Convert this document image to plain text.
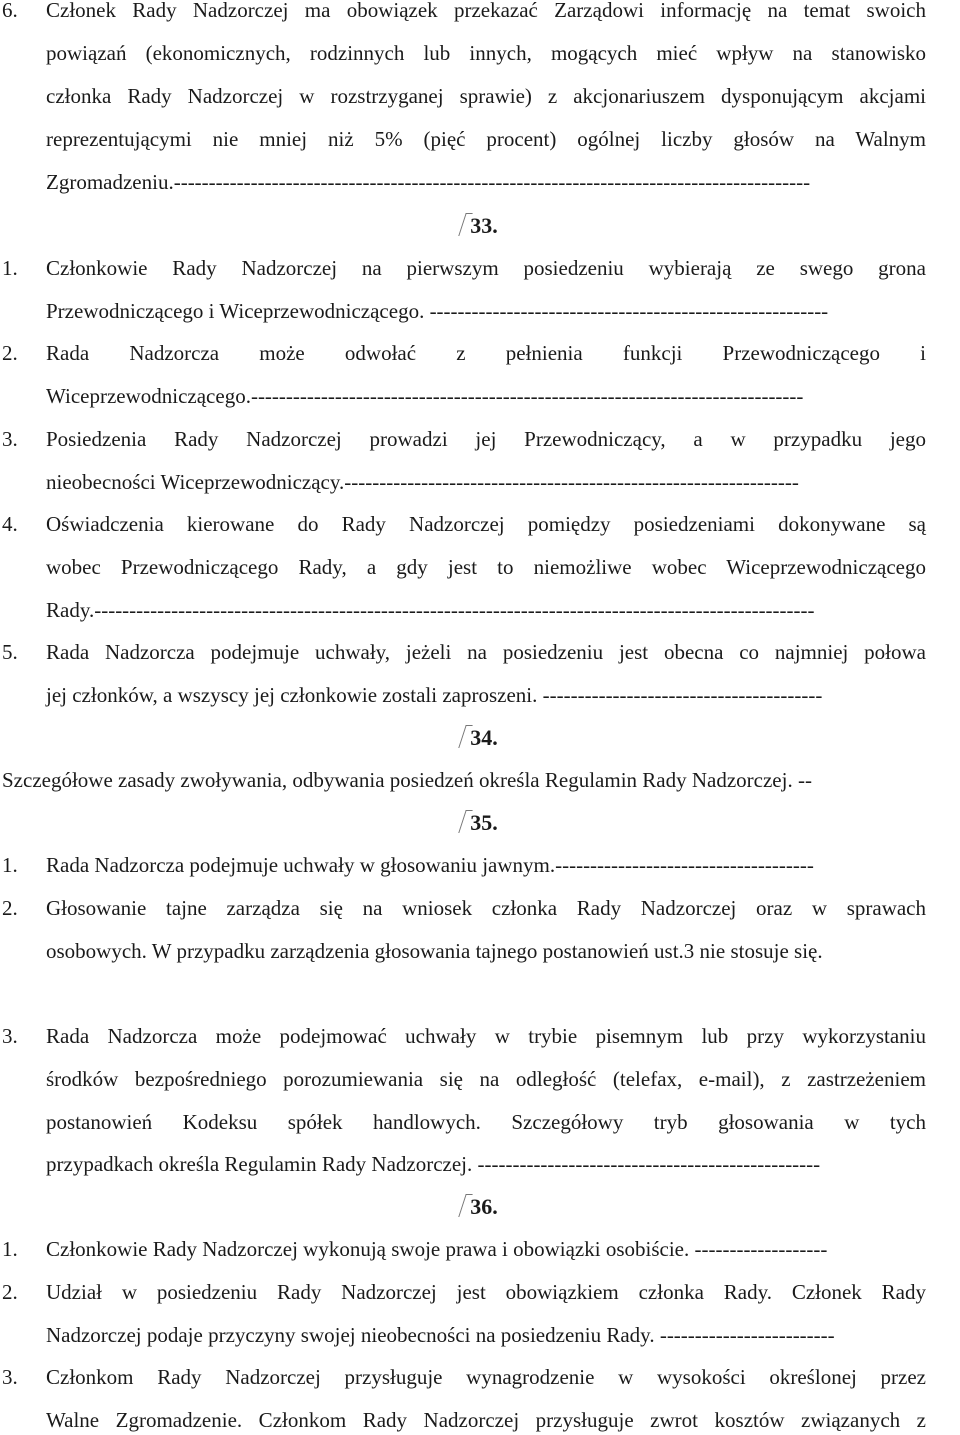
6. Członek Rady Nadzorczej ma obowiązek przekazać Zarządowi informację na temat swoich
powiązań (ekonomicznych, rodzinnych lub innych, mogących mieć wpływ na stanowisko
członka Rady Nadzorczej w rozstrzyganej sprawie) z akcjonariuszem dysponującym akcjami
reprezentującymi nie mniej niż 5% (pięć procent) ogólnej liczby głosów na Walnym
Zgromadzeniu.-------------------------------------------------------------------------------------------
33.
1. Członkowie Rady Nadzorczej na pierwszym posiedzeniu wybierają ze swego grona
Przewodniczącego i Wiceprzewodniczącego. ---------------------------------------------------------
2. Rada Nadzorcza może odwołać z pełnienia funkcji Przewodniczącego i
Wiceprzewodniczącego.-------------------------------------------------------------------------------
3. Posiedzenia Rady Nadzorczej prowadzi jej Przewodniczący, a w przypadku jego
nieobecności Wiceprzewodniczący.-----------------------------------------------------------------
4. Oświadczenia kierowane do Rady Nadzorczej pomiędzy posiedzeniami dokonywane są
wobec Przewodniczącego Rady, a gdy jest to niemożliwe wobec Wiceprzewodniczącego
Rady.-------------------------------------------------------------------------------------------------------
5. Rada Nadzorcza podejmuje uchwały, jeżeli na posiedzeniu jest obecna co najmniej połowa
jej członków, a wszyscy jej członkowie zostali zaproszeni. ----------------------------------------
34.
Szczegółowe zasady zwoływania, odbywania posiedzeń określa Regulamin Rady Nadzorczej. --
35.
1. Rada Nadzorcza podejmuje uchwały w głosowaniu jawnym.-------------------------------------
2. Głosowanie tajne zarządza się na wniosek członka Rady Nadzorczej oraz w sprawach
osobowych. W przypadku zarządzenia głosowania tajnego postanowień ust.3 nie stosuje się.
3. Rada Nadzorcza może podejmować uchwały w trybie pisemnym lub przy wykorzystaniu
środków bezpośredniego porozumiewania się na odległość (telefax, e-mail), z zastrzeżeniem
postanowień Kodeksu spółek handlowych. Szczegółowy tryb głosowania w tych
przypadkach określa Regulamin Rady Nadzorczej. -------------------------------------------------
36.
1. Członkowie Rady Nadzorczej wykonują swoje prawa i obowiązki osobiście. -------------------
2. Udział w posiedzeniu Rady Nadzorczej jest obowiązkiem członka Rady. Członek Rady
Nadzorczej podaje przyczyny swojej nieobecności na posiedzeniu Rady. -------------------------
3. Członkom Rady Nadzorczej przysługuje wynagrodzenie w wysokości określonej przez
Walne Zgromadzenie. Członkom Rady Nadzorczej przysługuje zwrot kosztów związanych z
